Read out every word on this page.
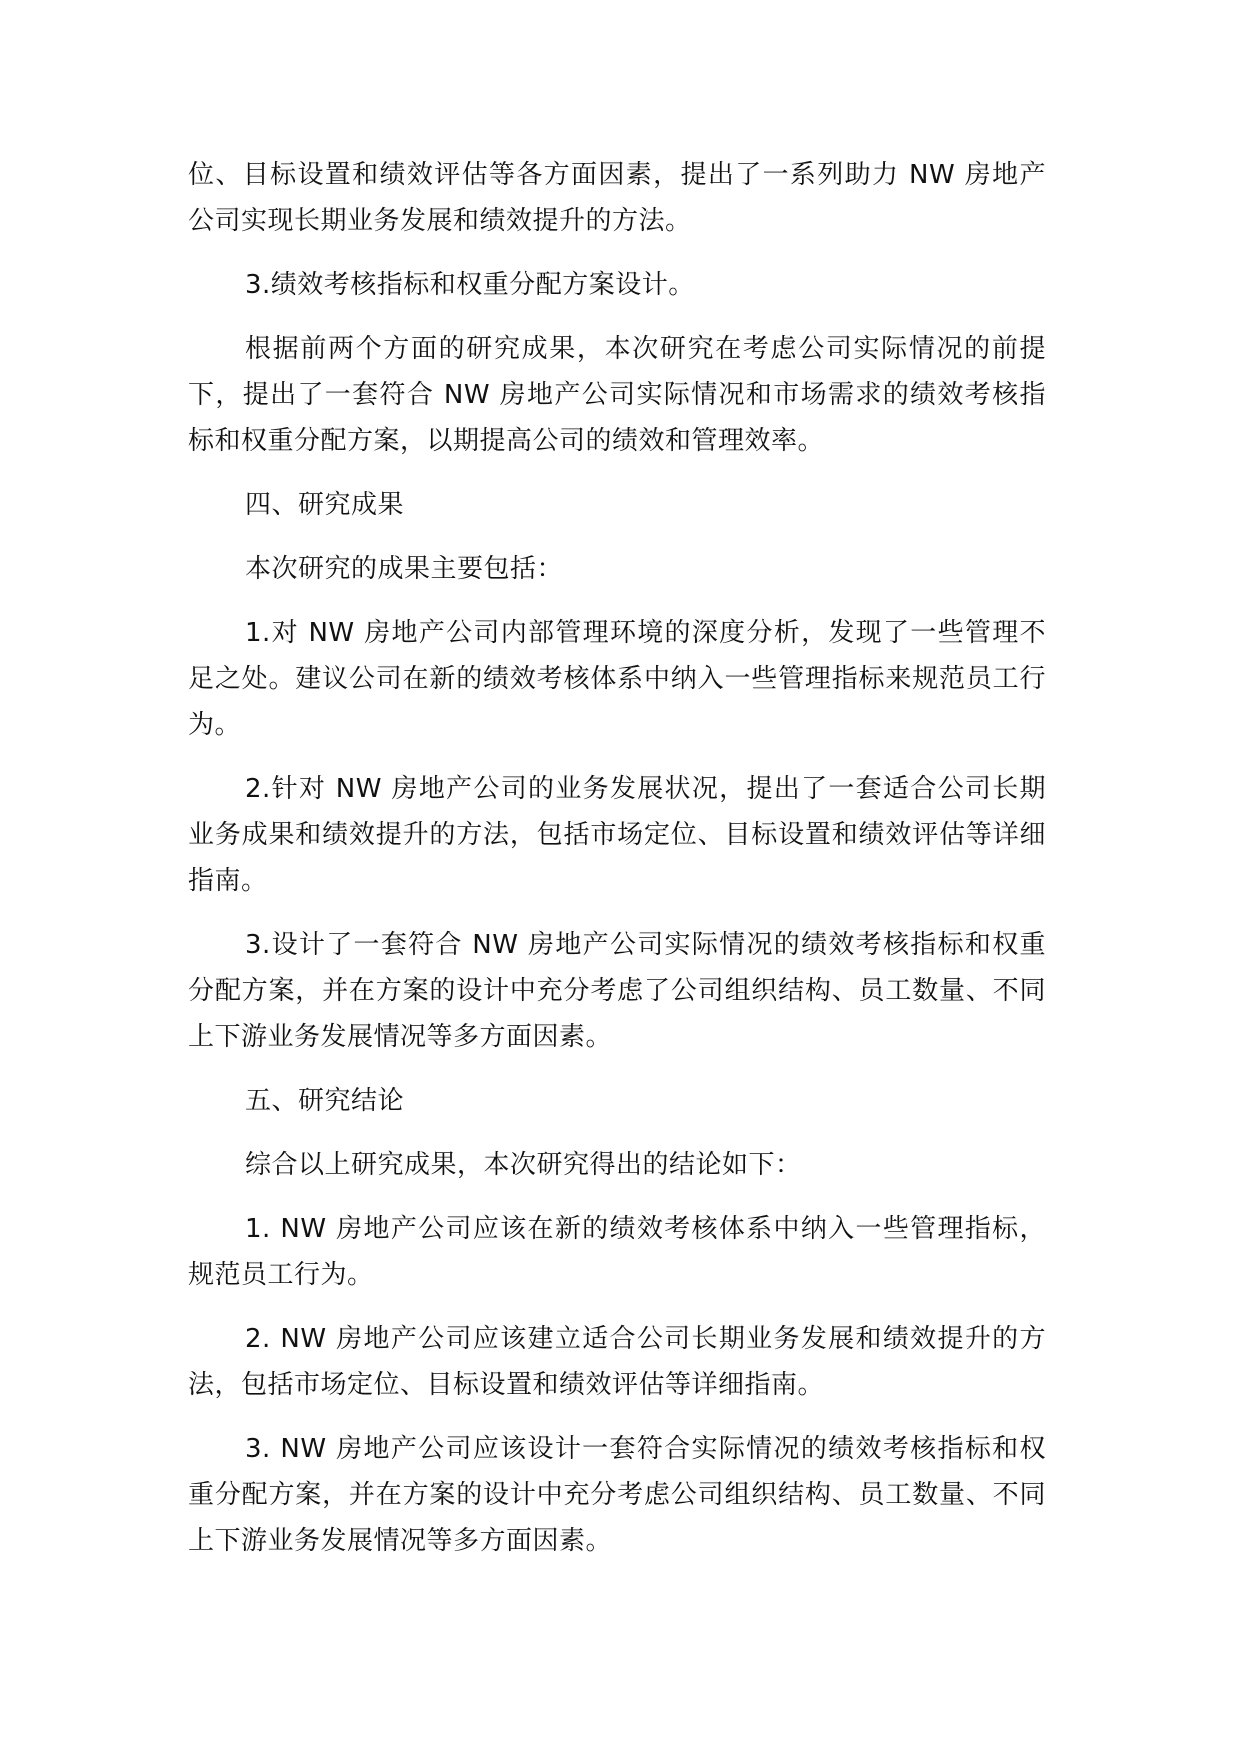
位、目标设置和绩效评估等各方面因素，提出了一系列助力 NW 房地产公司实现长期业务发展和绩效提升的方法。

3.绩效考核指标和权重分配方案设计。

根据前两个方面的研究成果，本次研究在考虑公司实际情况的前提下，提出了一套符合 NW 房地产公司实际情况和市场需求的绩效考核指标和权重分配方案，以期提高公司的绩效和管理效率。

四、研究成果

本次研究的成果主要包括：

1.对 NW 房地产公司内部管理环境的深度分析，发现了一些管理不足之处。建议公司在新的绩效考核体系中纳入一些管理指标来规范员工行为。

2.针对 NW 房地产公司的业务发展状况，提出了一套适合公司长期业务成果和绩效提升的方法，包括市场定位、目标设置和绩效评估等详细指南。

3.设计了一套符合 NW 房地产公司实际情况的绩效考核指标和权重分配方案，并在方案的设计中充分考虑了公司组织结构、员工数量、不同上下游业务发展情况等多方面因素。

五、研究结论

综合以上研究成果，本次研究得出的结论如下：

1. NW 房地产公司应该在新的绩效考核体系中纳入一些管理指标，规范员工行为。

2. NW 房地产公司应该建立适合公司长期业务发展和绩效提升的方法，包括市场定位、目标设置和绩效评估等详细指南。

3. NW 房地产公司应该设计一套符合实际情况的绩效考核指标和权重分配方案，并在方案的设计中充分考虑公司组织结构、员工数量、不同上下游业务发展情况等多方面因素。
